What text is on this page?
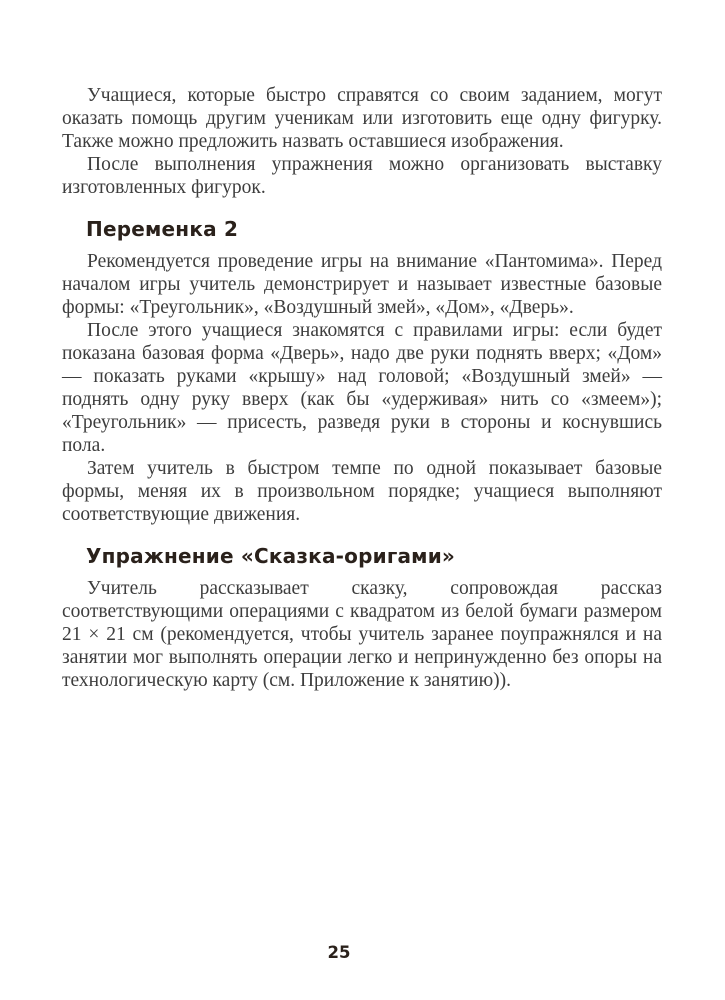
Учащиеся, которые быстро справятся со своим заданием, могут оказать помощь другим ученикам или изготовить еще одну фигурку. Также можно предложить назвать оставшиеся изображения.

После выполнения упражнения можно организовать выставку изготовленных фигурок.

Переменка 2

Рекомендуется проведение игры на внимание «Пантомима». Перед началом игры учитель демонстрирует и называет известные базовые формы: «Треугольник», «Воздушный змей», «Дом», «Дверь».

После этого учащиеся знакомятся с правилами игры: если будет показана базовая форма «Дверь», надо две руки поднять вверх; «Дом» — показать руками «крышу» над головой; «Воздушный змей» — поднять одну руку вверх (как бы «удерживая» нить со «змеем»); «Треугольник» — присесть, разведя руки в стороны и коснувшись пола.

Затем учитель в быстром темпе по одной показывает базовые формы, меняя их в произвольном порядке; учащиеся выполняют соответствующие движения.

Упражнение «Сказка-оригами»

Учитель рассказывает сказку, сопровождая рассказ соответствующими операциями с квадратом из белой бумаги размером 21 × 21 см (рекомендуется, чтобы учитель заранее поупражнялся и на занятии мог выполнять операции легко и непринужденно без опоры на технологическую карту (см. Приложение к занятию)).

25
